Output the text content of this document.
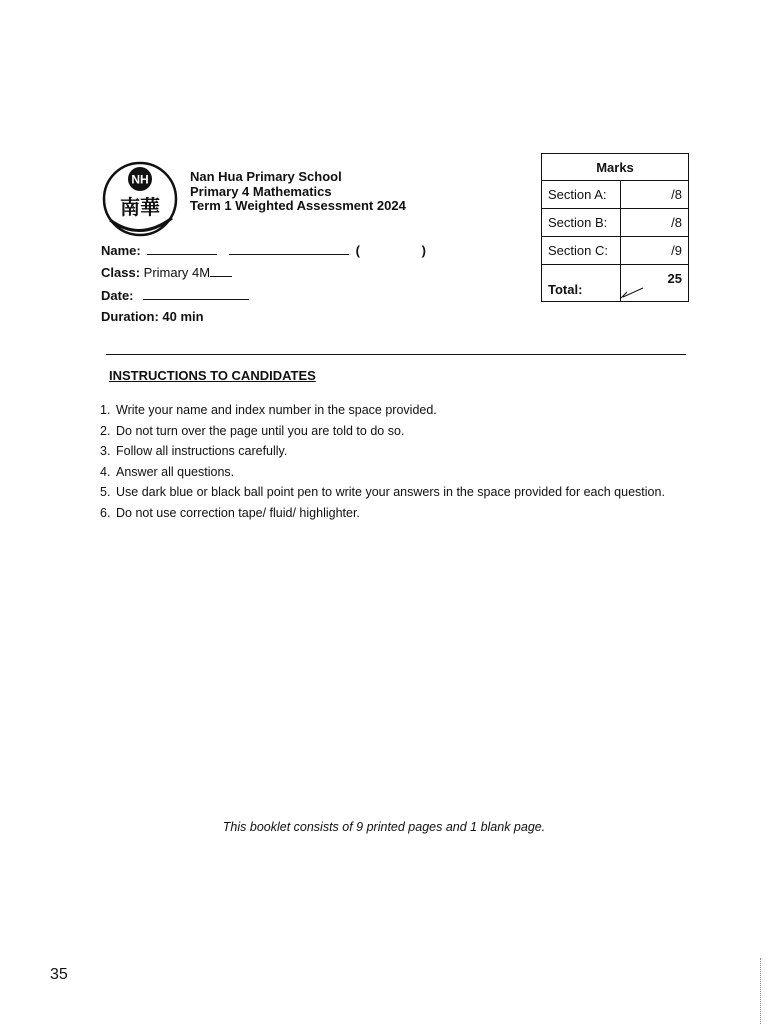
NH
南華
Nan Hua Primary School
Primary 4 Mathematics
Term 1 Weighted Assessment 2024
Name:	(	)
Class: Primary 4M
Date:
Duration: 40 min
Marks	
Section A:	/8
Section B:	/8
Section C:	/9
Total:	25
INSTRUCTIONS TO CANDIDATES
1. Write your name and index number in the space provided.
2. Do not turn over the page until you are told to do so.
3. Follow all instructions carefully.
4. Answer all questions.
5. Use dark blue or black ball point pen to write your answers in the space provided for each question.
6. Do not use correction tape/ fluid/ highlighter.
This booklet consists of 9 printed pages and 1 blank page.
35
